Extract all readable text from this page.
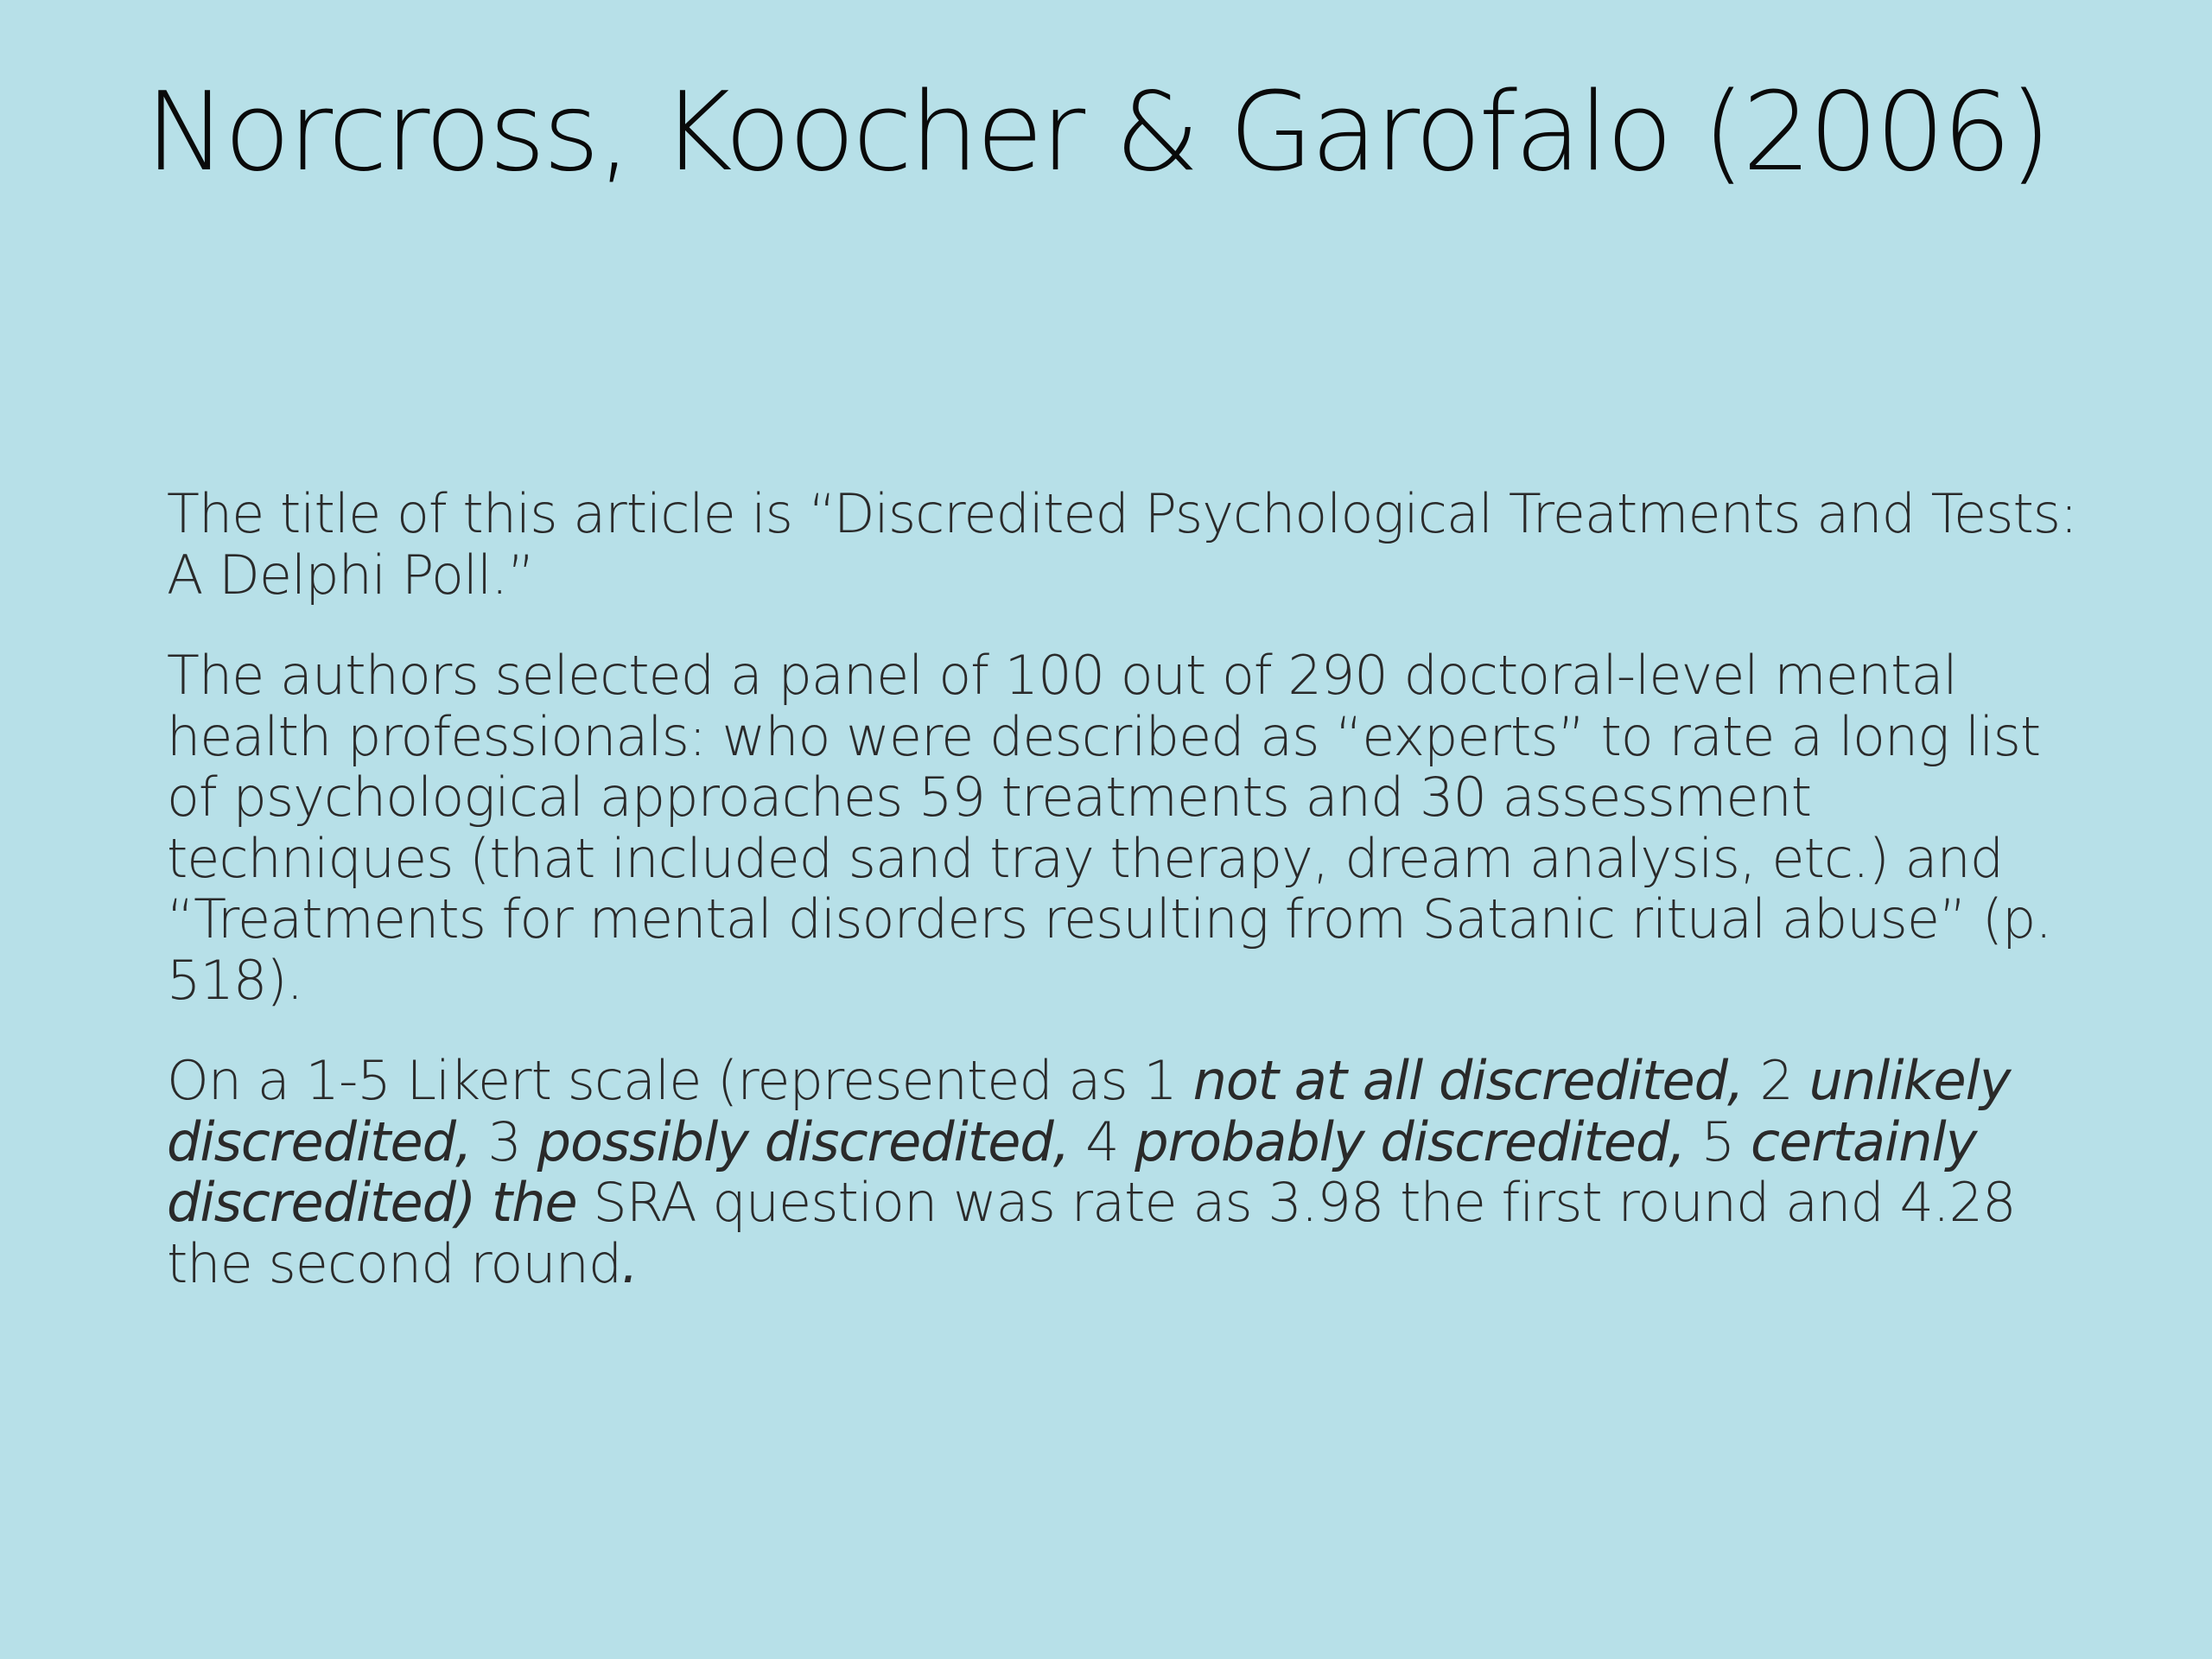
Norcross, Koocher & Garofalo (2006)

The title of this article is “Discredited Psychological Treatments and Tests: A Delphi Poll.”

The authors selected a panel of 100 out of 290 doctoral-level mental health professionals: who were described as “experts” to rate a long list of psychological approaches 59 treatments and 30 assessment techniques (that included sand tray therapy, dream analysis, etc.) and “Treatments for mental disorders resulting from Satanic ritual abuse” (p. 518).

On a 1-5 Likert scale (represented as 1 not at all discredited, 2 unlikely discredited, 3 possibly discredited, 4 probably discredited, 5 certainly discredited) the SRA question was rate as 3.98 the first round and 4.28 the second round.
